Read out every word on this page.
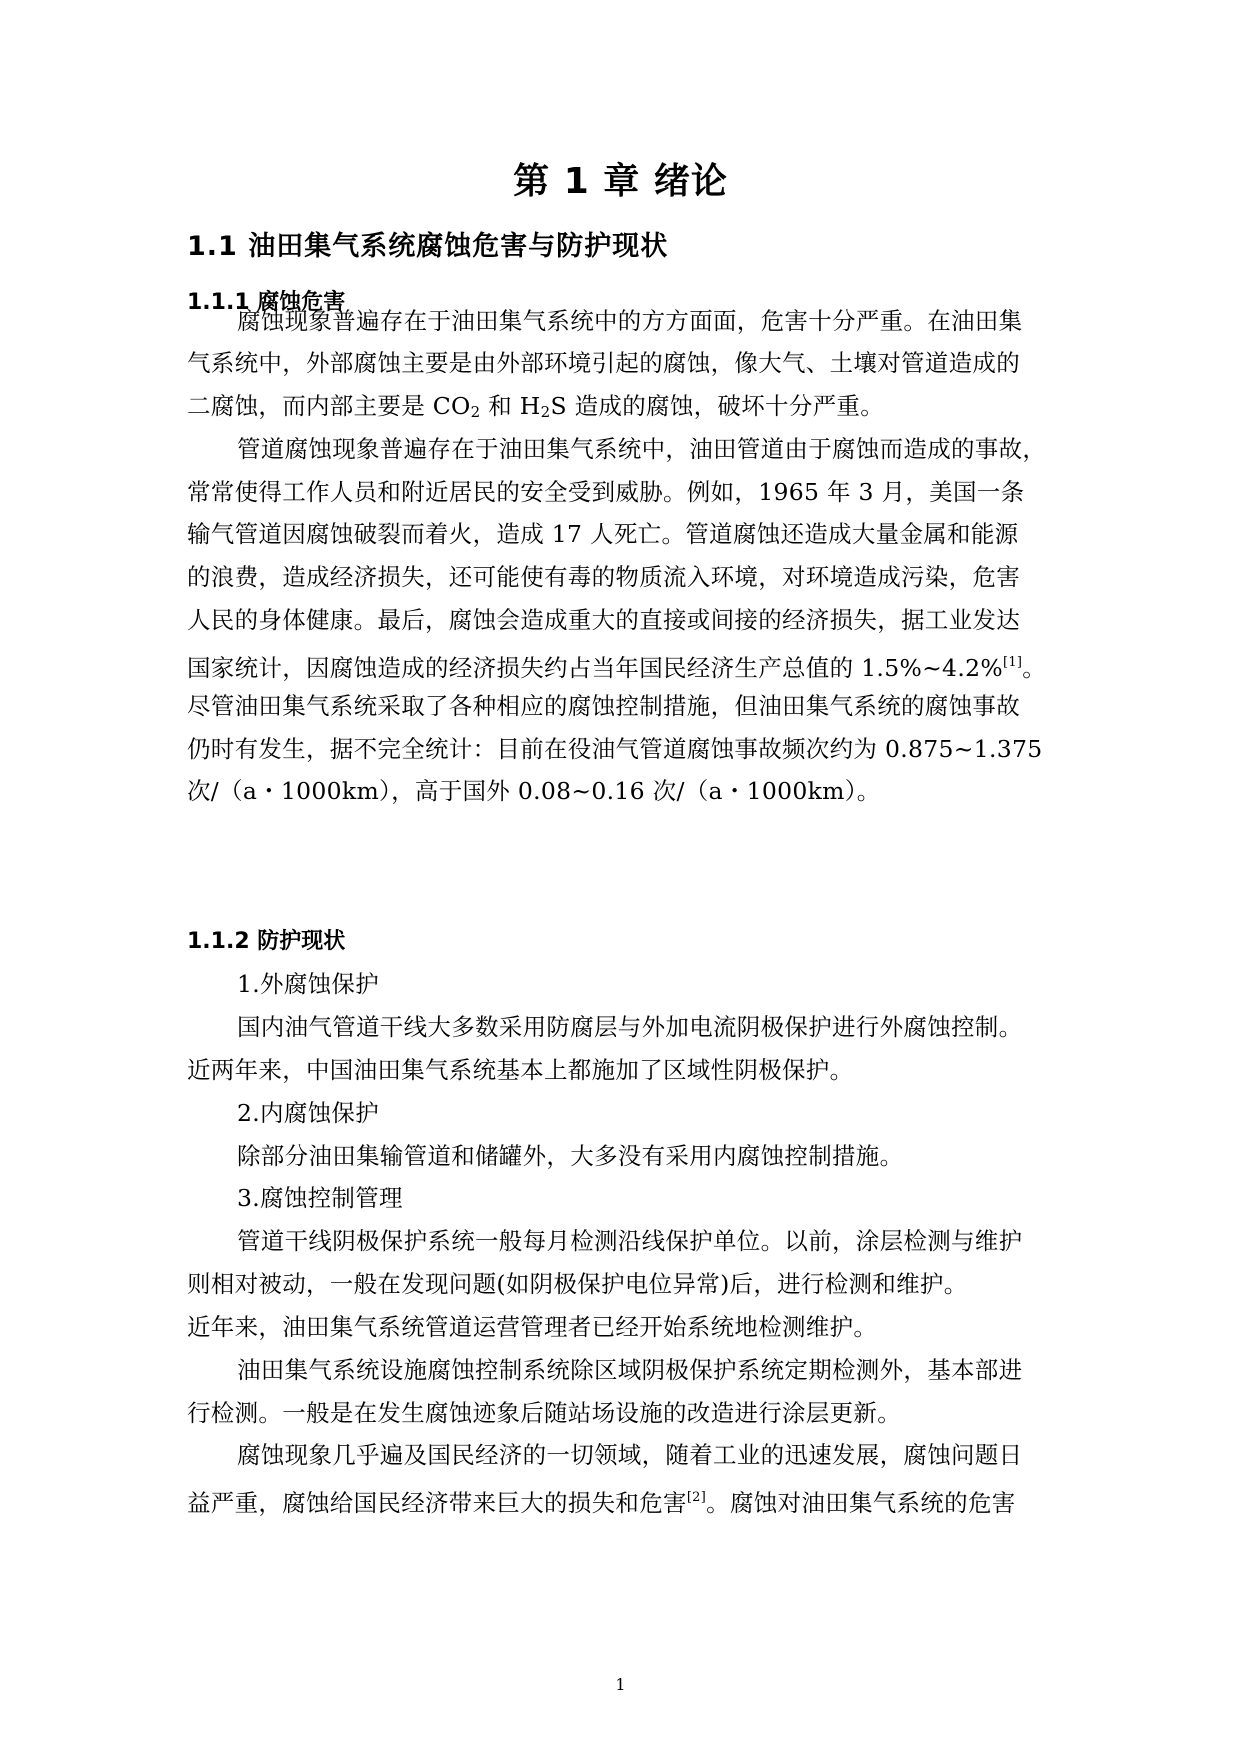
第 1 章 绪论
1.1 油田集气系统腐蚀危害与防护现状
1.1.1 腐蚀危害
腐蚀现象普遍存在于油田集气系统中的方方面面，危害十分严重。在油田集
气系统中，外部腐蚀主要是由外部环境引起的腐蚀，像大气、土壤对管道造成的
二腐蚀，而内部主要是 $CO_2$ 和 $H_2S$ 造成的腐蚀，破坏十分严重。
管道腐蚀现象普遍存在于油田集气系统中，油田管道由于腐蚀而造成的事故，
常常使得工作人员和附近居民的安全受到威胁。例如，1965 年 3 月，美国一条
输气管道因腐蚀破裂而着火，造成 17 人死亡。管道腐蚀还造成大量金属和能源
的浪费，造成经济损失，还可能使有毒的物质流入环境，对环境造成污染，危害
人民的身体健康。最后，腐蚀会造成重大的直接或间接的经济损失，据工业发达
国家统计，因腐蚀造成的经济损失约占当年国民经济生产总值的 1.5%~4.2%[1]。
尽管油田集气系统采取了各种相应的腐蚀控制措施，但油田集气系统的腐蚀事故
仍时有发生，据不完全统计：目前在役油气管道腐蚀事故频次约为 0.875~1.375
次/（a・1000km），高于国外 0.08~0.16 次/（a・1000km）。
1.1.2 防护现状
1.外腐蚀保护
国内油气管道干线大多数采用防腐层与外加电流阴极保护进行外腐蚀控制。
近两年来，中国油田集气系统基本上都施加了区域性阴极保护。
2.内腐蚀保护
除部分油田集输管道和储罐外，大多没有采用内腐蚀控制措施。
3.腐蚀控制管理
管道干线阴极保护系统一般每月检测沿线保护单位。以前，涂层检测与维护
则相对被动，一般在发现问题(如阴极保护电位异常)后，进行检测和维护。
近年来，油田集气系统管道运营管理者已经开始系统地检测维护。
油田集气系统设施腐蚀控制系统除区域阴极保护系统定期检测外，基本部进
行检测。一般是在发生腐蚀迹象后随站场设施的改造进行涂层更新。
腐蚀现象几乎遍及国民经济的一切领域，随着工业的迅速发展，腐蚀问题日
益严重，腐蚀给国民经济带来巨大的损失和危害[2]。腐蚀对油田集气系统的危害
1
